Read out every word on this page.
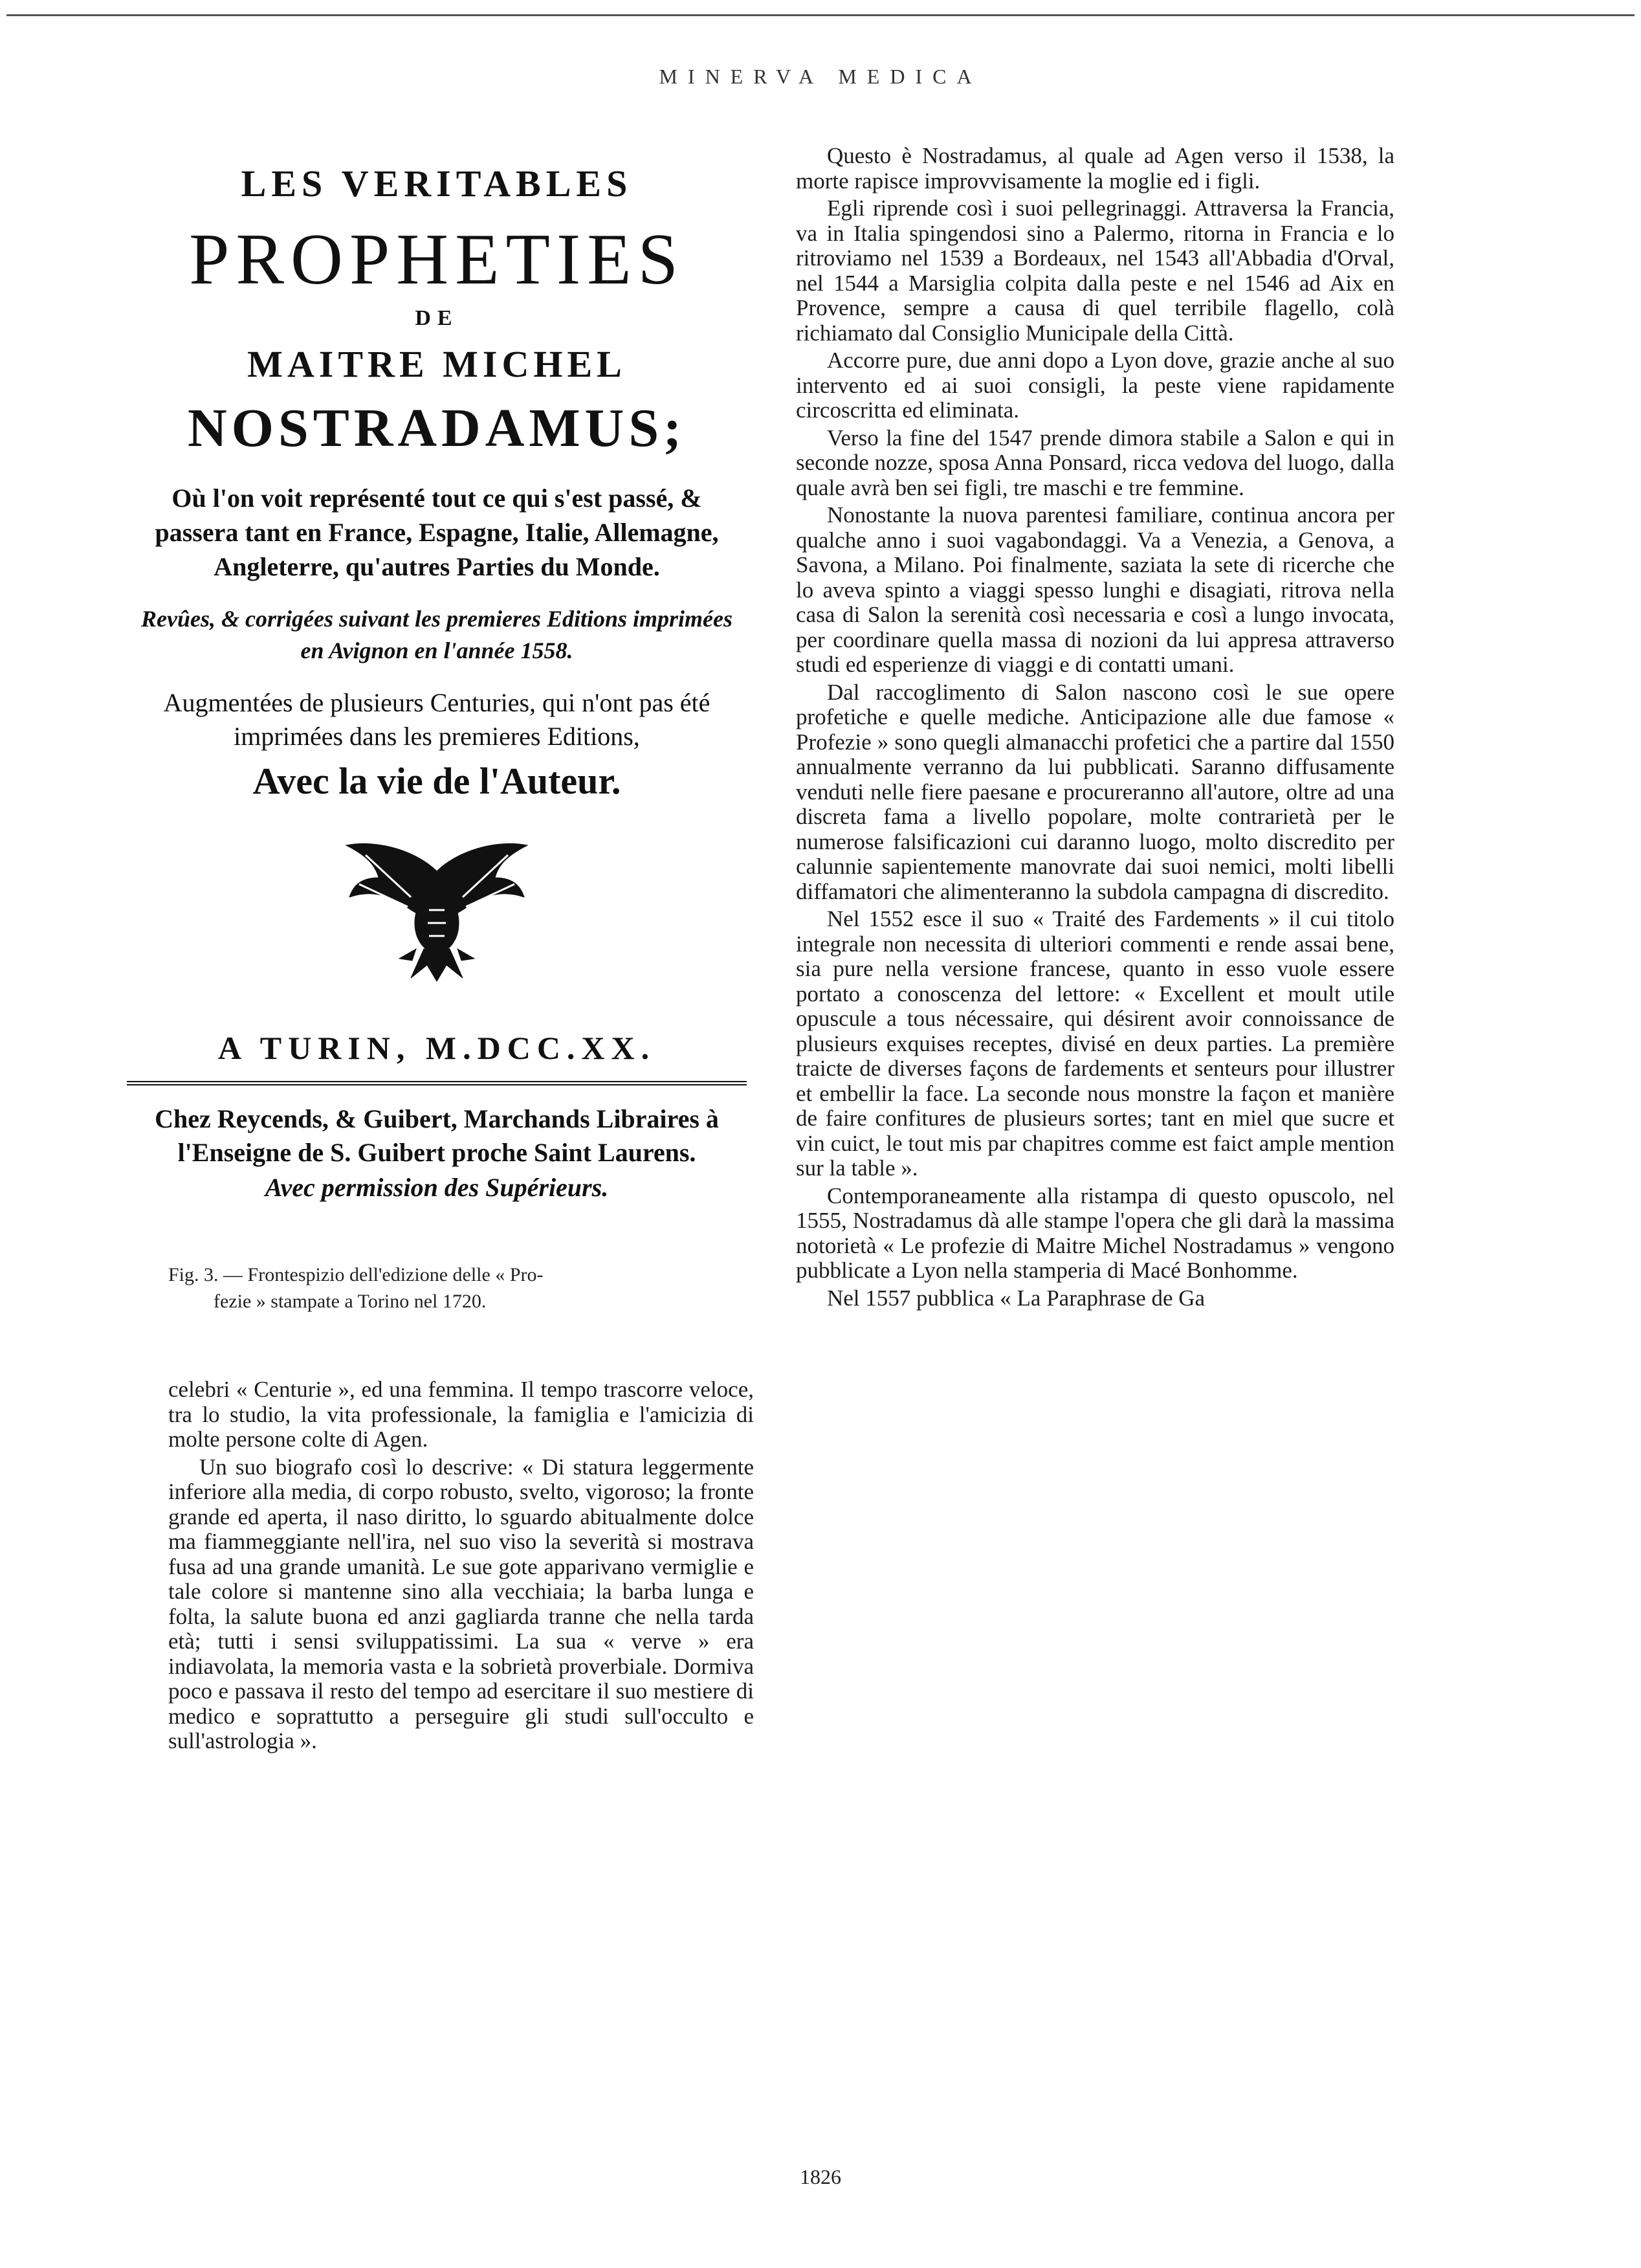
MINERVA MEDICA
LES VERITABLES
PROPHETIES
DE
MAITRE MICHEL
NOSTRADAMUS;
Où l'on voit représenté tout ce qui s'est passé, & passera tant en France, Espagne, Italie, Allemagne, Angleterre, qu'autres Parties du Monde.
Revûes, & corrigées suivant les premieres Editions imprimées en Avignon en l'année 1558.
Augmentées de plusieurs Centuries, qui n'ont pas été imprimées dans les premieres Editions,
Avec la vie de l'Auteur.
A TURIN, M.DCC.XX.
Chez Reycends, & Guibert, Marchands Libraires à l'Enseigne de S. Guibert proche Saint Laurens.
Avec permission des Supérieurs.
Fig. 3. — Frontespizio dell'edizione delle « Pro-
fezie » stampate a Torino nel 1720.

celebri « Centurie », ed una femmina. Il tempo trascorre veloce, tra lo studio, la vita professionale, la famiglia e l'amicizia di molte persone colte di Agen.

Un suo biografo così lo descrive: « Di statura leggermente inferiore alla media, di corpo robusto, svelto, vigoroso; la fronte grande ed aperta, il naso diritto, lo sguardo abitualmente dolce ma fiammeggiante nell'ira, nel suo viso la severità si mostrava fusa ad una grande umanità. Le sue gote apparivano vermiglie e tale colore si mantenne sino alla vecchiaia; la barba lunga e folta, la salute buona ed anzi gagliarda tranne che nella tarda età; tutti i sensi sviluppatissimi. La sua « verve » era indiavolata, la memoria vasta e la sobrietà proverbiale. Dormiva poco e passava il resto del tempo ad esercitare il suo mestiere di medico e soprattutto a perseguire gli studi sull'occulto e sull'astrologia ».

Questo è Nostradamus, al quale ad Agen verso il 1538, la morte rapisce improvvisamente la moglie ed i figli.

Egli riprende così i suoi pellegrinaggi. Attraversa la Francia, va in Italia spingendosi sino a Palermo, ritorna in Francia e lo ritroviamo nel 1539 a Bordeaux, nel 1543 all'Abbadia d'Orval, nel 1544 a Marsiglia colpita dalla peste e nel 1546 ad Aix en Provence, sempre a causa di quel terribile flagello, colà richiamato dal Consiglio Municipale della Città.

Accorre pure, due anni dopo a Lyon dove, grazie anche al suo intervento ed ai suoi consigli, la peste viene rapidamente circoscritta ed eliminata.

Verso la fine del 1547 prende dimora stabile a Salon e qui in seconde nozze, sposa Anna Ponsard, ricca vedova del luogo, dalla quale avrà ben sei figli, tre maschi e tre femmine.

Nonostante la nuova parentesi familiare, continua ancora per qualche anno i suoi vagabondaggi. Va a Venezia, a Genova, a Savona, a Milano. Poi finalmente, saziata la sete di ricerche che lo aveva spinto a viaggi spesso lunghi e disagiati, ritrova nella casa di Salon la serenità così necessaria e così a lungo invocata, per coordinare quella massa di nozioni da lui appresa attraverso studi ed esperienze di viaggi e di contatti umani.

Dal raccoglimento di Salon nascono così le sue opere profetiche e quelle mediche. Anticipazione alle due famose « Profezie » sono quegli almanacchi profetici che a partire dal 1550 annualmente verranno da lui pubblicati. Saranno diffusamente venduti nelle fiere paesane e procureranno all'autore, oltre ad una discreta fama a livello popolare, molte contrarietà per le numerose falsificazioni cui daranno luogo, molto discredito per calunnie sapientemente manovrate dai suoi nemici, molti libelli diffamatori che alimenteranno la subdola campagna di discredito.

Nel 1552 esce il suo « Traité des Fardements » il cui titolo integrale non necessita di ulteriori commenti e rende assai bene, sia pure nella versione francese, quanto in esso vuole essere portato a conoscenza del lettore: « Excellent et moult utile opuscule a tous nécessaire, qui désirent avoir connoissance de plusieurs exquises receptes, divisé en deux parties. La première traicte de diverses façons de fardements et senteurs pour illustrer et embellir la face. La seconde nous monstre la façon et manière de faire confitures de plusieurs sortes; tant en miel que sucre et vin cuict, le tout mis par chapitres comme est faict ample mention sur la table ».

Contemporaneamente alla ristampa di questo opuscolo, nel 1555, Nostradamus dà alle stampe l'opera che gli darà la massima notorietà « Le profezie di Maitre Michel Nostradamus » vengono pubblicate a Lyon nella stamperia di Macé Bonhomme.

Nel 1557 pubblica « La Paraphrase de Ga

1826
